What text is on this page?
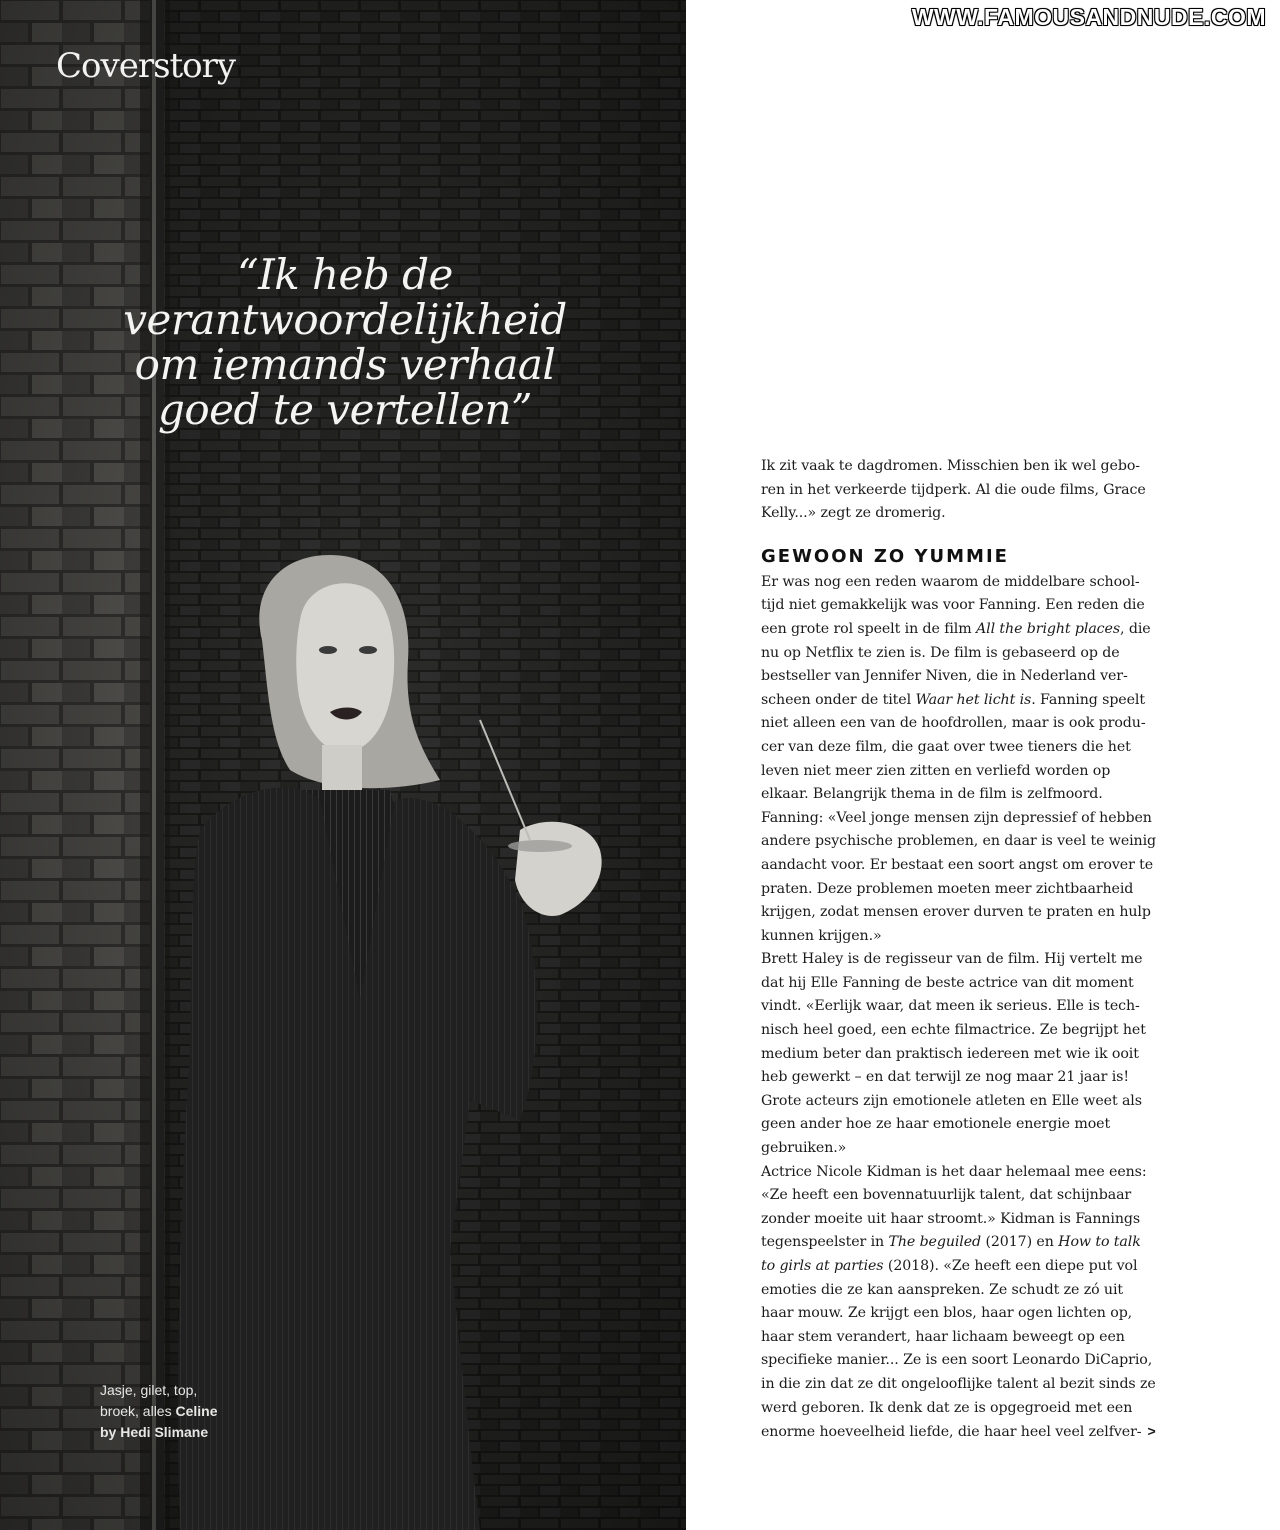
Coverstory
“Ik heb de
verantwoordelijkheid
om iemands verhaal
goed te vertellen”
Jasje, gilet, top,
broek, alles Celine
by Hedi Slimane
WWW.FAMOUSANDNUDE.COM
Ik zit vaak te dagdromen. Misschien ben ik wel gebo-
ren in het verkeerde tijdperk. Al die oude films, Grace
Kelly...» zegt ze dromerig.
GEWOON ZO YUMMIE
Er was nog een reden waarom de middelbare school-
tijd niet gemakkelijk was voor Fanning. Een reden die
een grote rol speelt in de film All the bright places, die
nu op Netflix te zien is. De film is gebaseerd op de
bestseller van Jennifer Niven, die in Nederland ver-
scheen onder de titel Waar het licht is. Fanning speelt
niet alleen een van de hoofdrollen, maar is ook produ-
cer van deze film, die gaat over twee tieners die het
leven niet meer zien zitten en verliefd worden op
elkaar. Belangrijk thema in de film is zelfmoord.
Fanning: «Veel jonge mensen zijn depressief of hebben
andere psychische problemen, en daar is veel te weinig
aandacht voor. Er bestaat een soort angst om erover te
praten. Deze problemen moeten meer zichtbaarheid
krijgen, zodat mensen erover durven te praten en hulp
kunnen krijgen.»
Brett Haley is de regisseur van de film. Hij vertelt me
dat hij Elle Fanning de beste actrice van dit moment
vindt. «Eerlijk waar, dat meen ik serieus. Elle is tech-
nisch heel goed, een echte filmactrice. Ze begrijpt het
medium beter dan praktisch iedereen met wie ik ooit
heb gewerkt – en dat terwijl ze nog maar 21 jaar is!
Grote acteurs zijn emotionele atleten en Elle weet als
geen ander hoe ze haar emotionele energie moet
gebruiken.»
Actrice Nicole Kidman is het daar helemaal mee eens:
«Ze heeft een bovennatuurlijk talent, dat schijnbaar
zonder moeite uit haar stroomt.» Kidman is Fannings
tegenspeelster in The beguiled (2017) en How to talk
to girls at parties (2018). «Ze heeft een diepe put vol
emoties die ze kan aanspreken. Ze schudt ze zó uit
haar mouw. Ze krijgt een blos, haar ogen lichten op,
haar stem verandert, haar lichaam beweegt op een
specifieke manier... Ze is een soort Leonardo DiCaprio,
in die zin dat ze dit ongelooflijke talent al bezit sinds ze
werd geboren. Ik denk dat ze is opgegroeid met een
enorme hoeveelheid liefde, die haar heel veel zelfver- >
